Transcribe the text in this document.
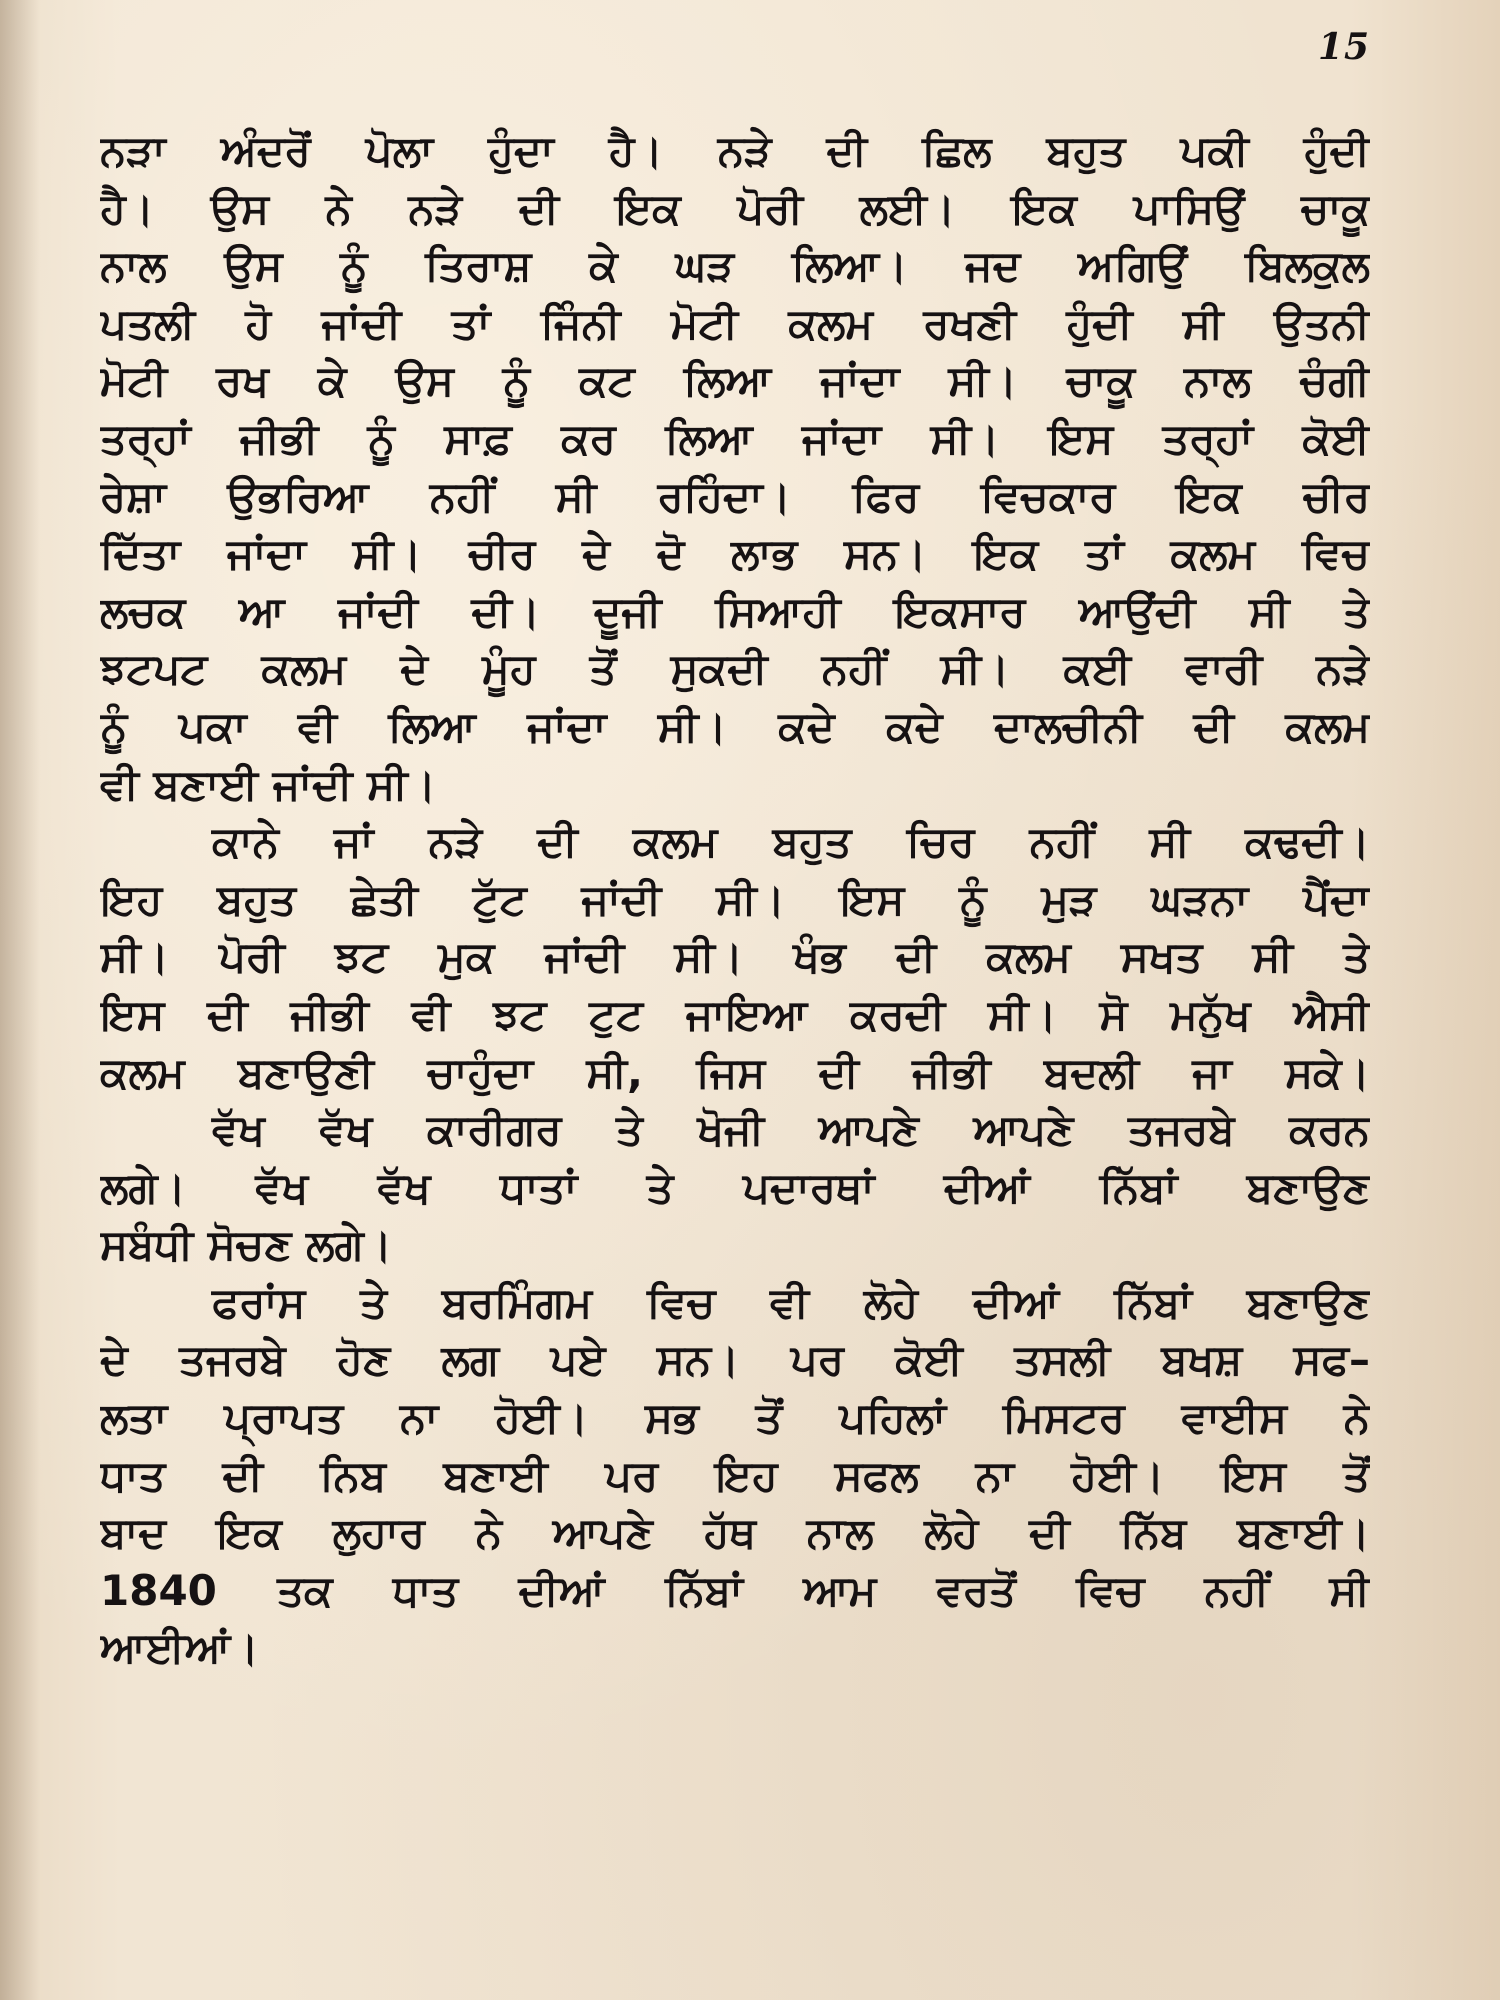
15
ਨੜਾ ਅੰਦਰੋਂ ਪੋਲਾ ਹੁੰਦਾ ਹੈ। ਨੜੇ ਦੀ ਛਿਲ ਬਹੁਤ ਪਕੀ ਹੁੰਦੀ
ਹੈ। ਉਸ ਨੇ ਨੜੇ ਦੀ ਇਕ ਪੋਰੀ ਲਈ। ਇਕ ਪਾਸਿਉਂ ਚਾਕੂ
ਨਾਲ ਉਸ ਨੂੰ ਤਿਰਾਸ਼ ਕੇ ਘੜ ਲਿਆ। ਜਦ ਅਗਿਉਂ ਬਿਲਕੁਲ
ਪਤਲੀ ਹੋ ਜਾਂਦੀ ਤਾਂ ਜਿੰਨੀ ਮੋਟੀ ਕਲਮ ਰਖਣੀ ਹੁੰਦੀ ਸੀ ਉਤਨੀ
ਮੋਟੀ ਰਖ ਕੇ ਉਸ ਨੂੰ ਕਟ ਲਿਆ ਜਾਂਦਾ ਸੀ। ਚਾਕੂ ਨਾਲ ਚੰਗੀ
ਤਰ੍ਹਾਂ ਜੀਭੀ ਨੂੰ ਸਾਫ਼ ਕਰ ਲਿਆ ਜਾਂਦਾ ਸੀ। ਇਸ ਤਰ੍ਹਾਂ ਕੋਈ
ਰੇਸ਼ਾ ਉਭਰਿਆ ਨਹੀਂ ਸੀ ਰਹਿੰਦਾ। ਫਿਰ ਵਿਚਕਾਰ ਇਕ ਚੀਰ
ਦਿੱਤਾ ਜਾਂਦਾ ਸੀ। ਚੀਰ ਦੇ ਦੋ ਲਾਭ ਸਨ। ਇਕ ਤਾਂ ਕਲਮ ਵਿਚ
ਲਚਕ ਆ ਜਾਂਦੀ ਦੀ। ਦੂਜੀ ਸਿਆਹੀ ਇਕਸਾਰ ਆਉਂਦੀ ਸੀ ਤੇ
ਝਟਪਟ ਕਲਮ ਦੇ ਮੂੰਹ ਤੋਂ ਸੁਕਦੀ ਨਹੀਂ ਸੀ। ਕਈ ਵਾਰੀ ਨੜੇ
ਨੂੰ ਪਕਾ ਵੀ ਲਿਆ ਜਾਂਦਾ ਸੀ। ਕਦੇ ਕਦੇ ਦਾਲਚੀਨੀ ਦੀ ਕਲਮ
ਵੀ ਬਣਾਈ ਜਾਂਦੀ ਸੀ।
ਕਾਨੇ ਜਾਂ ਨੜੇ ਦੀ ਕਲਮ ਬਹੁਤ ਚਿਰ ਨਹੀਂ ਸੀ ਕਢਦੀ।
ਇਹ ਬਹੁਤ ਛੇਤੀ ਟੁੱਟ ਜਾਂਦੀ ਸੀ। ਇਸ ਨੂੰ ਮੁੜ ਘੜਨਾ ਪੈਂਦਾ
ਸੀ। ਪੋਰੀ ਝਟ ਮੁਕ ਜਾਂਦੀ ਸੀ। ਖੰਭ ਦੀ ਕਲਮ ਸਖਤ ਸੀ ਤੇ
ਇਸ ਦੀ ਜੀਭੀ ਵੀ ਝਟ ਟੁਟ ਜਾਇਆ ਕਰਦੀ ਸੀ। ਸੋ ਮਨੁੱਖ ਐਸੀ
ਕਲਮ ਬਣਾਉਣੀ ਚਾਹੁੰਦਾ ਸੀ, ਜਿਸ ਦੀ ਜੀਭੀ ਬਦਲੀ ਜਾ ਸਕੇ।
ਵੱਖ ਵੱਖ ਕਾਰੀਗਰ ਤੇ ਖੋਜੀ ਆਪਣੇ ਆਪਣੇ ਤਜਰਬੇ ਕਰਨ
ਲਗੇ। ਵੱਖ ਵੱਖ ਧਾਤਾਂ ਤੇ ਪਦਾਰਥਾਂ ਦੀਆਂ ਨਿੱਬਾਂ ਬਣਾਉਣ
ਸਬੰਧੀ ਸੋਚਣ ਲਗੇ।
ਫਰਾਂਸ ਤੇ ਬਰਮਿੰਗਮ ਵਿਚ ਵੀ ਲੋਹੇ ਦੀਆਂ ਨਿੱਬਾਂ ਬਣਾਉਣ
ਦੇ ਤਜਰਬੇ ਹੋਣ ਲਗ ਪਏ ਸਨ। ਪਰ ਕੋਈ ਤਸਲੀ ਬਖਸ਼ ਸਫ–
ਲਤਾ ਪ੍ਰਾਪਤ ਨਾ ਹੋਈ। ਸਭ ਤੋਂ ਪਹਿਲਾਂ ਮਿਸਟਰ ਵਾਈਸ ਨੇ
ਧਾਤ ਦੀ ਨਿਬ ਬਣਾਈ ਪਰ ਇਹ ਸਫਲ ਨਾ ਹੋਈ। ਇਸ ਤੋਂ
ਬਾਦ ਇਕ ਲੁਹਾਰ ਨੇ ਆਪਣੇ ਹੱਥ ਨਾਲ ਲੋਹੇ ਦੀ ਨਿੱਬ ਬਣਾਈ।
1840 ਤਕ ਧਾਤ ਦੀਆਂ ਨਿੱਬਾਂ ਆਮ ਵਰਤੋਂ ਵਿਚ ਨਹੀਂ ਸੀ
ਆਈਆਂ।
